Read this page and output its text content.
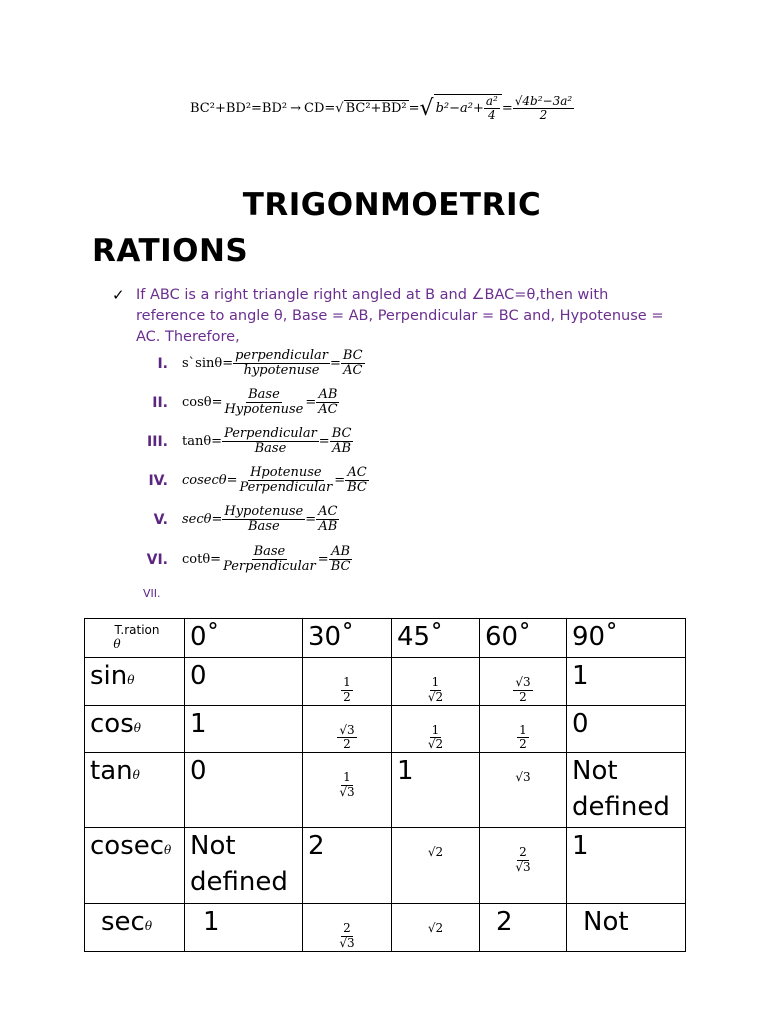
BC²+BD²=BD² → CD= √ BC²+BD² = √ $b^2-a^2+ \frac{\text{a²}}{4} = \frac{\text{√4b²−3a²}}{2}$
TRIGONMOETRIC
RATIONS
✓ If ABC is a right triangle right angled at B and ∠BAC=θ,then with reference to angle θ, Base = AB, Perpendicular = BC and, Hypotenuse = AC. Therefore,
I. s`sinθ= $\frac{\text{perpendicular}}{\text{hypotenuse}} = \frac{BC}{AC}$
II. $\cos\theta= \frac{\text{Base}}{\text{Hypotenuse}} = \frac{AB}{AC}$
III. $\tan\theta= \frac{\text{Perpendicular}}{\text{Base}} = \frac{BC}{AB}$
IV. $cosec\theta= \frac{\text{Hpotenuse}}{\text{Perpendicular}} = \frac{AC}{BC}$
V. $\sec\theta= \frac{\text{Hypotenuse}}{\text{Base}} = \frac{AC}{AB}$
VI. $\cot\theta= \frac{\text{Base}}{\text{Perpendicular}} = \frac{AB}{BC}$
VII.
T.ration
θ	0˚	30˚	45˚	60˚	90˚
sinθ	0	$\frac{1}{2}$	$\frac{1}{√2}$	$\frac{√3}{2}$	1
cosθ	1	$\frac{√3}{2}$	$\frac{1}{√2}$	$\frac{1}{2}$	0
tanθ	0	$\frac{1}{√3}$	1	√3	Not defined
cosecθ	Not defined	2	√2	$\frac{2}{√3}$	1
secθ	1	$\frac{2}{√3}$	√2	2	Not
